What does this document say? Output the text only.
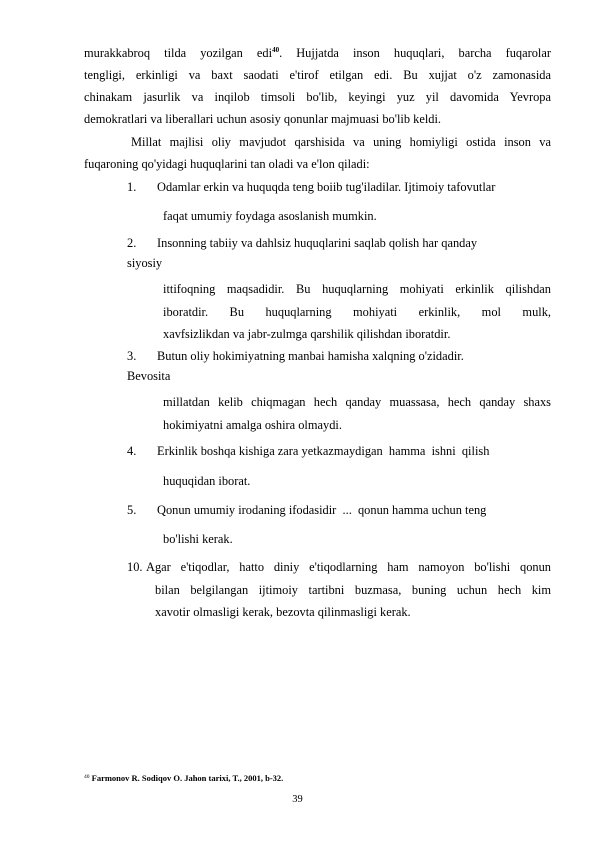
murakkabroq tilda yozilgan edi$^{40}$. Hujjatda inson huquqlari, barcha fuqarolar
tengligi, erkinligi va baxt saodati e'tirof etilgan edi. Bu xujjat o'z zamonasida
chinakam jasurlik va inqilob timsoli bo'lib, keyingi yuz yil davomida Yevropa
demokratlari va liberallari uchun asosiy qonunlar majmuasi bo'lib keldi.
Millat majlisi oliy mavjudot qarshisida va uning homiyligi ostida inson va
fuqaroning qo'yidagi huquqlarini tan oladi va e'lon qiladi:
1. Odamlar erkin va huquqda teng boiib tug'iladilar. Ijtimoiy tafovutlar
faqat umumiy foydaga asoslanish mumkin.
2. Insonning tabiiy va dahlsiz huquqlarini saqlab qolish har qanday
siyosiy
ittifoqning maqsadidir. Bu huquqlarning mohiyati erkinlik qilishdan
iboratdir. Bu huquqlarning mohiyati erkinlik, mol mulk,
xavfsizlikdan va jabr-zulmga qarshilik qilishdan iboratdir.
3. Butun oliy hokimiyatning manbai hamisha xalqning o'zidadir.
Bevosita
millatdan kelib chiqmagan hech qanday muassasa, hech qanday shaxs
hokimiyatni amalga oshira olmaydi.
4. Erkinlik boshqa kishiga zara yetkazmaydigan  hamma  ishni  qilish
huquqidan iborat.
5. Qonun umumiy irodaning ifodasidir  ...  qonun hamma uchun teng
bo'lishi kerak.
10. Agar e'tiqodlar, hatto diniy e'tiqodlarning ham namoyon bo'lishi qonun
bilan belgilangan ijtimoiy tartibni buzmasa, buning uchun hech kim
xavotir olmasligi kerak, bezovta qilinmasligi kerak.
$^{40}$ Farmonov R. Sodiqov O. Jahon tarixi, T., 2001, b-32.
39
